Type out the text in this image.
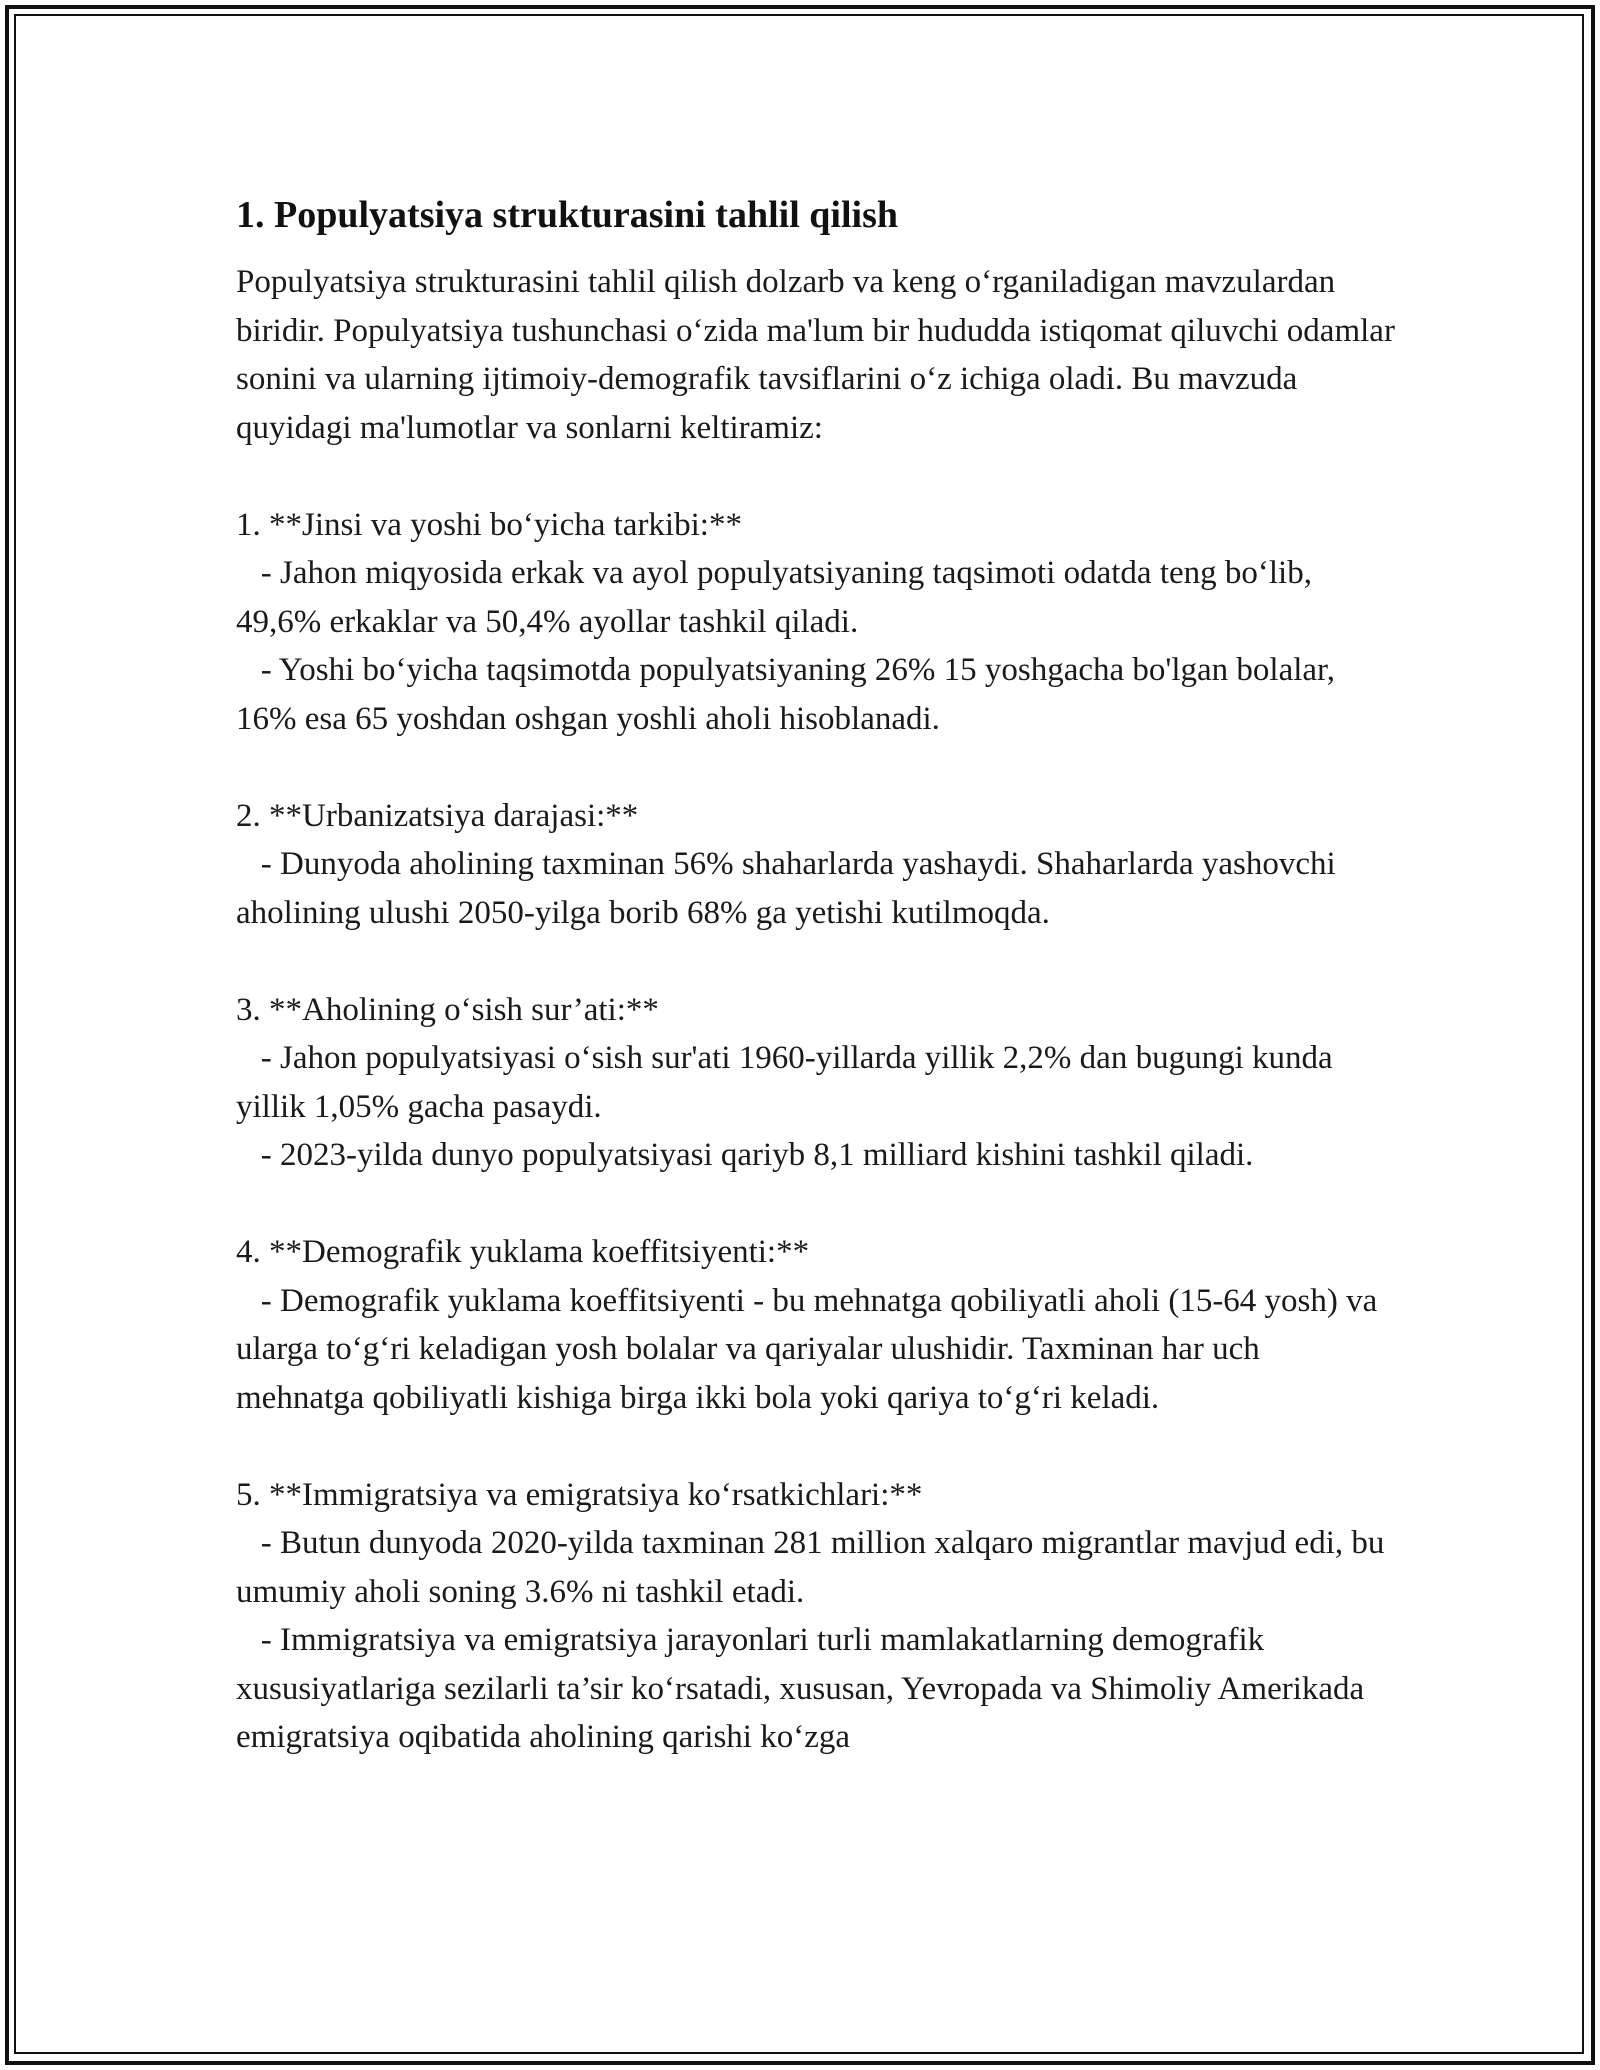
1. Populyatsiya strukturasini tahlil qilish

Populyatsiya strukturasini tahlil qilish dolzarb va keng o‘rganiladigan mavzulardan biridir. Populyatsiya tushunchasi o‘zida ma'lum bir hududda istiqomat qiluvchi odamlar sonini va ularning ijtimoiy-demografik tavsiflarini o‘z ichiga oladi. Bu mavzuda quyidagi ma'lumotlar va sonlarni keltiramiz:

1. **Jinsi va yoshi bo‘yicha tarkibi:**

- Jahon miqyosida erkak va ayol populyatsiyaning taqsimoti odatda teng bo‘lib, 49,6% erkaklar va 50,4% ayollar tashkil qiladi.

- Yoshi bo‘yicha taqsimotda populyatsiyaning 26% 15 yoshgacha bo'lgan bolalar, 16% esa 65 yoshdan oshgan yoshli aholi hisoblanadi.

2. **Urbanizatsiya darajasi:**

- Dunyoda aholining taxminan 56% shaharlarda yashaydi. Shaharlarda yashovchi aholining ulushi 2050-yilga borib 68% ga yetishi kutilmoqda.

3. **Aholining o‘sish sur’ati:**

- Jahon populyatsiyasi o‘sish sur'ati 1960-yillarda yillik 2,2% dan bugungi kunda yillik 1,05% gacha pasaydi.

- 2023-yilda dunyo populyatsiyasi qariyb 8,1 milliard kishini tashkil qiladi.

4. **Demografik yuklama koeffitsiyenti:**

- Demografik yuklama koeffitsiyenti - bu mehnatga qobiliyatli aholi (15-64 yosh) va ularga to‘g‘ri keladigan yosh bolalar va qariyalar ulushidir. Taxminan har uch mehnatga qobiliyatli kishiga birga ikki bola yoki qariya to‘g‘ri keladi.

5. **Immigratsiya va emigratsiya ko‘rsatkichlari:**

- Butun dunyoda 2020-yilda taxminan 281 million xalqaro migrantlar mavjud edi, bu umumiy aholi soning 3.6% ni tashkil etadi.

- Immigratsiya va emigratsiya jarayonlari turli mamlakatlarning demografik xususiyatlariga sezilarli ta’sir ko‘rsatadi, xususan, Yevropada va Shimoliy Amerikada emigratsiya oqibatida aholining qarishi ko‘zga
